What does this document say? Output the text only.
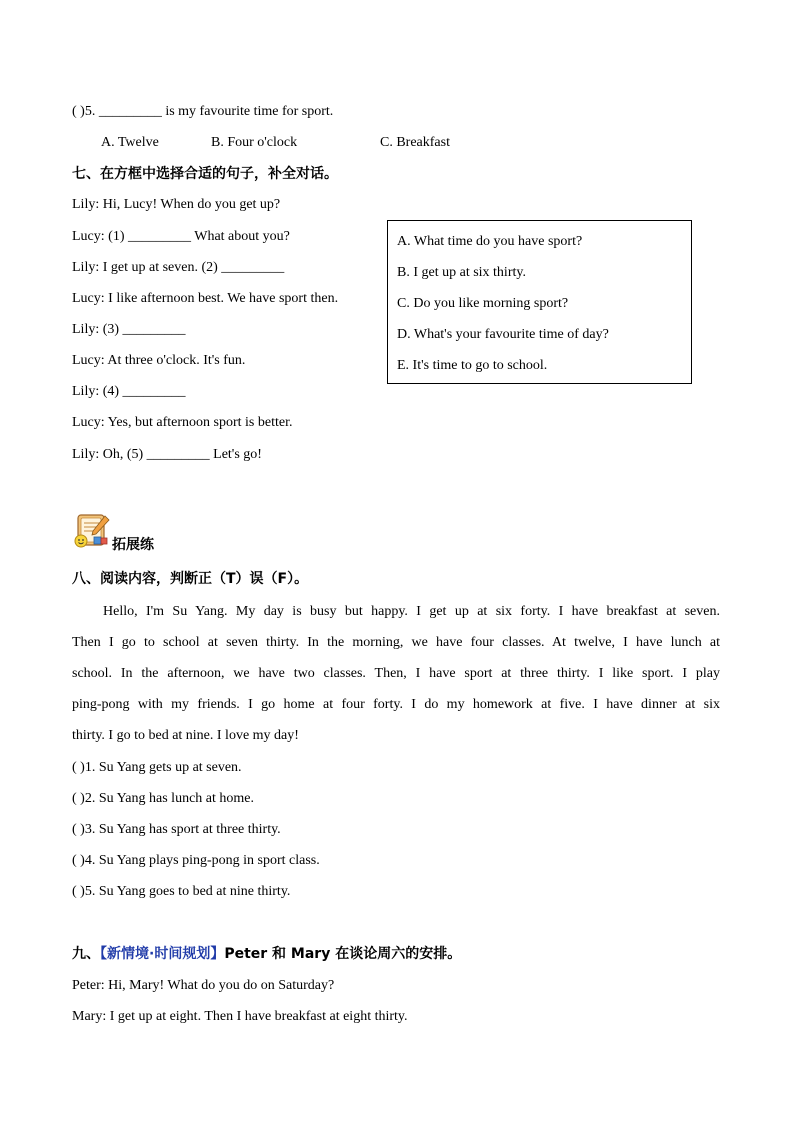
( )5. _________ is my favourite time for sport.
A. Twelve	B. Four o'clock	C. Breakfast
七、在方框中选择合适的句子，补全对话。
Lily: Hi, Lucy! When do you get up?
Lucy: (1) _________ What about you?
Lily: I get up at seven. (2) _________
Lucy: I like afternoon best. We have sport then.
Lily: (3) _________
Lucy: At three o'clock. It's fun.
Lily: (4) _________
Lucy: Yes, but afternoon sport is better.
Lily: Oh, (5) _________ Let's go!
A. What time do you have sport?
B. I get up at six thirty.
C. Do you like morning sport?
D. What's your favourite time of day?
E. It's time to go to school.
拓展练
八、阅读内容，判断正（T）误（F）。
Hello, I'm Su Yang. My day is busy but happy. I get up at six forty. I have breakfast at seven.
Then I go to school at seven thirty. In the morning, we have four classes. At twelve, I have lunch at
school. In the afternoon, we have two classes. Then, I have sport at three thirty. I like sport. I play
ping-pong with my friends. I go home at four forty. I do my homework at five. I have dinner at six
thirty. I go to bed at nine. I love my day!
( )1. Su Yang gets up at seven.
( )2. Su Yang has lunch at home.
( )3. Su Yang has sport at three thirty.
( )4. Su Yang plays ping-pong in sport class.
( )5. Su Yang goes to bed at nine thirty.
九、【新情境·时间规划】Peter 和 Mary 在谈论周六的安排。
Peter: Hi, Mary! What do you do on Saturday?
Mary: I get up at eight. Then I have breakfast at eight thirty.
